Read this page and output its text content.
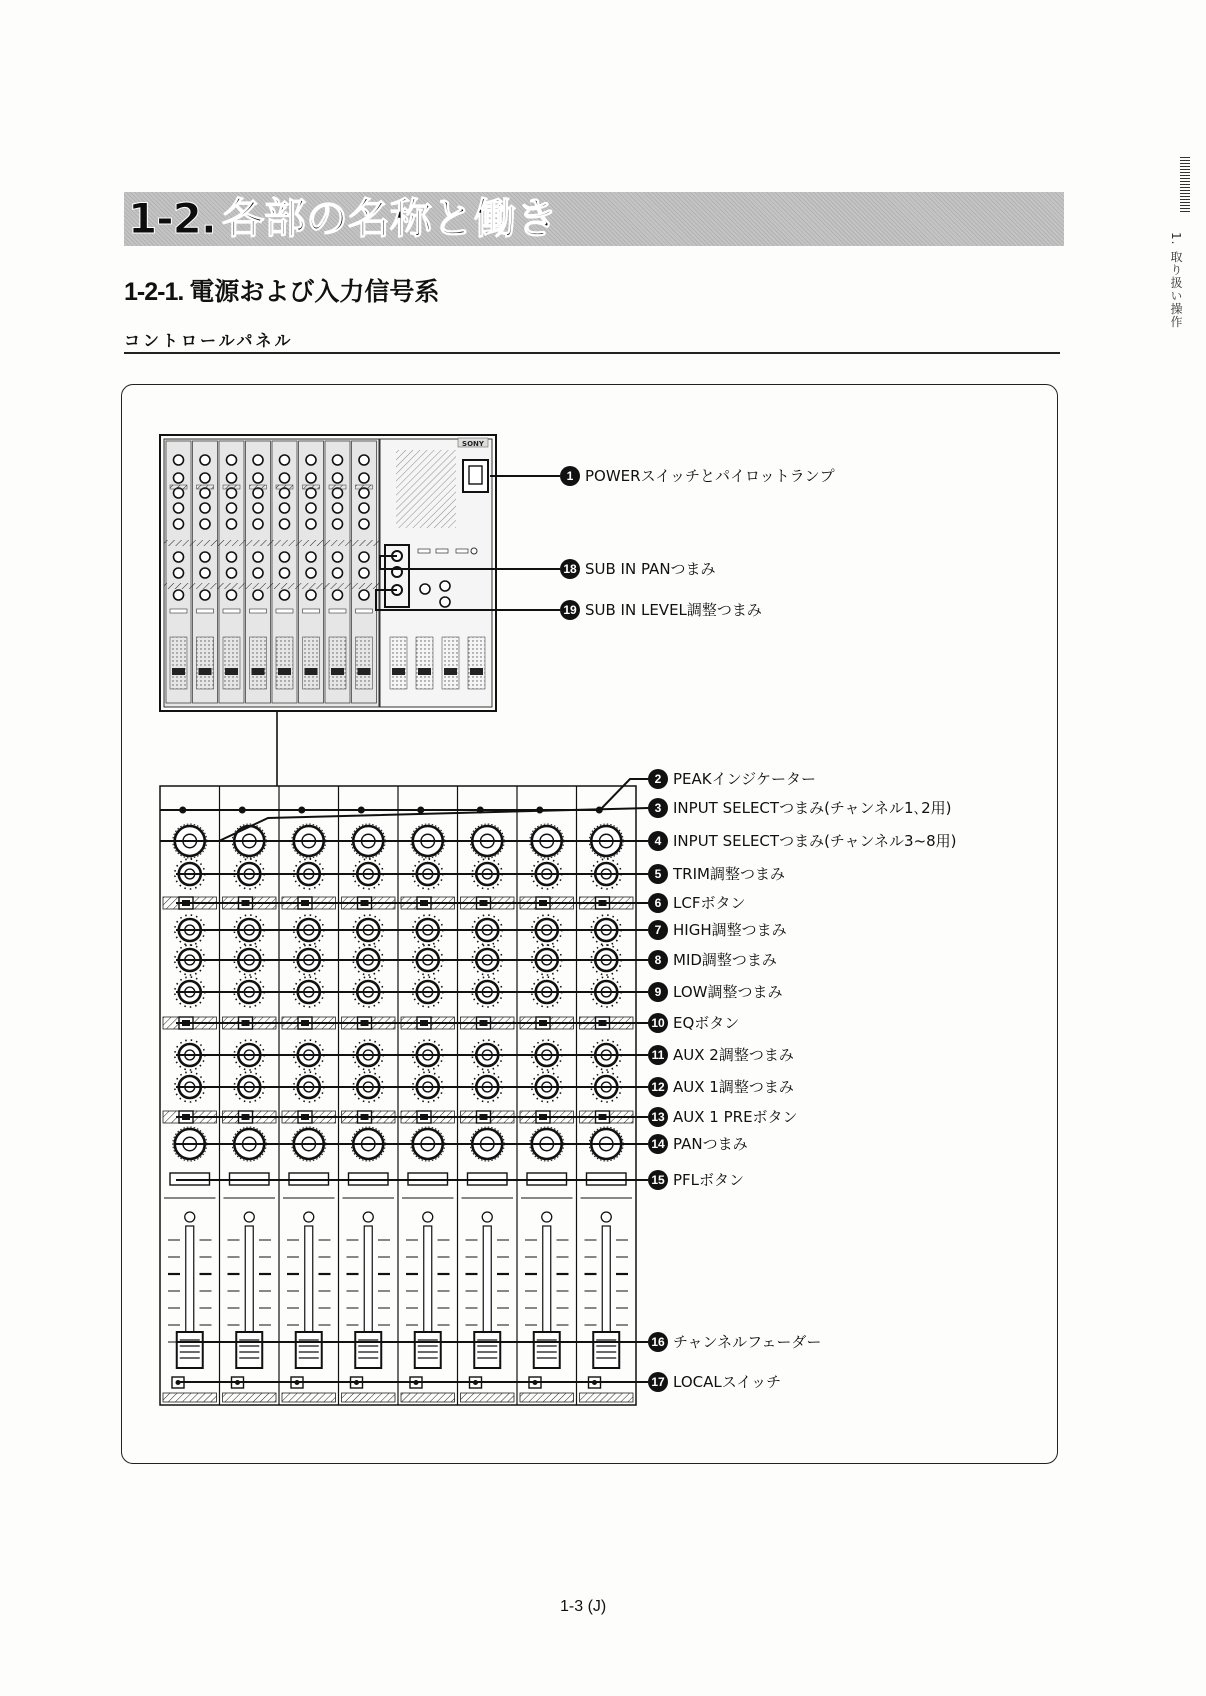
1-2. 各部の名称と働き
1-2-1. 電源および入力信号系
コントロールパネル
1. 取り扱い操作
SONY
1 POWERスイッチとパイロットランプ
18 SUB IN PANつまみ
19 SUB IN LEVEL調整つまみ
2 PEAKインジケーター
3 INPUT SELECTつまみ(チャンネル1､2用)
4 INPUT SELECTつまみ(チャンネル3~8用)
5 TRIM調整つまみ
6 LCFボタン
7 HIGH調整つまみ
8 MID調整つまみ
9 LOW調整つまみ
10 EQボタン
11 AUX 2調整つまみ
12 AUX 1調整つまみ
13 AUX 1 PREボタン
14 PANつまみ
15 PFLボタン
16 チャンネルフェーダー
17 LOCALスイッチ
1-3 (J)
